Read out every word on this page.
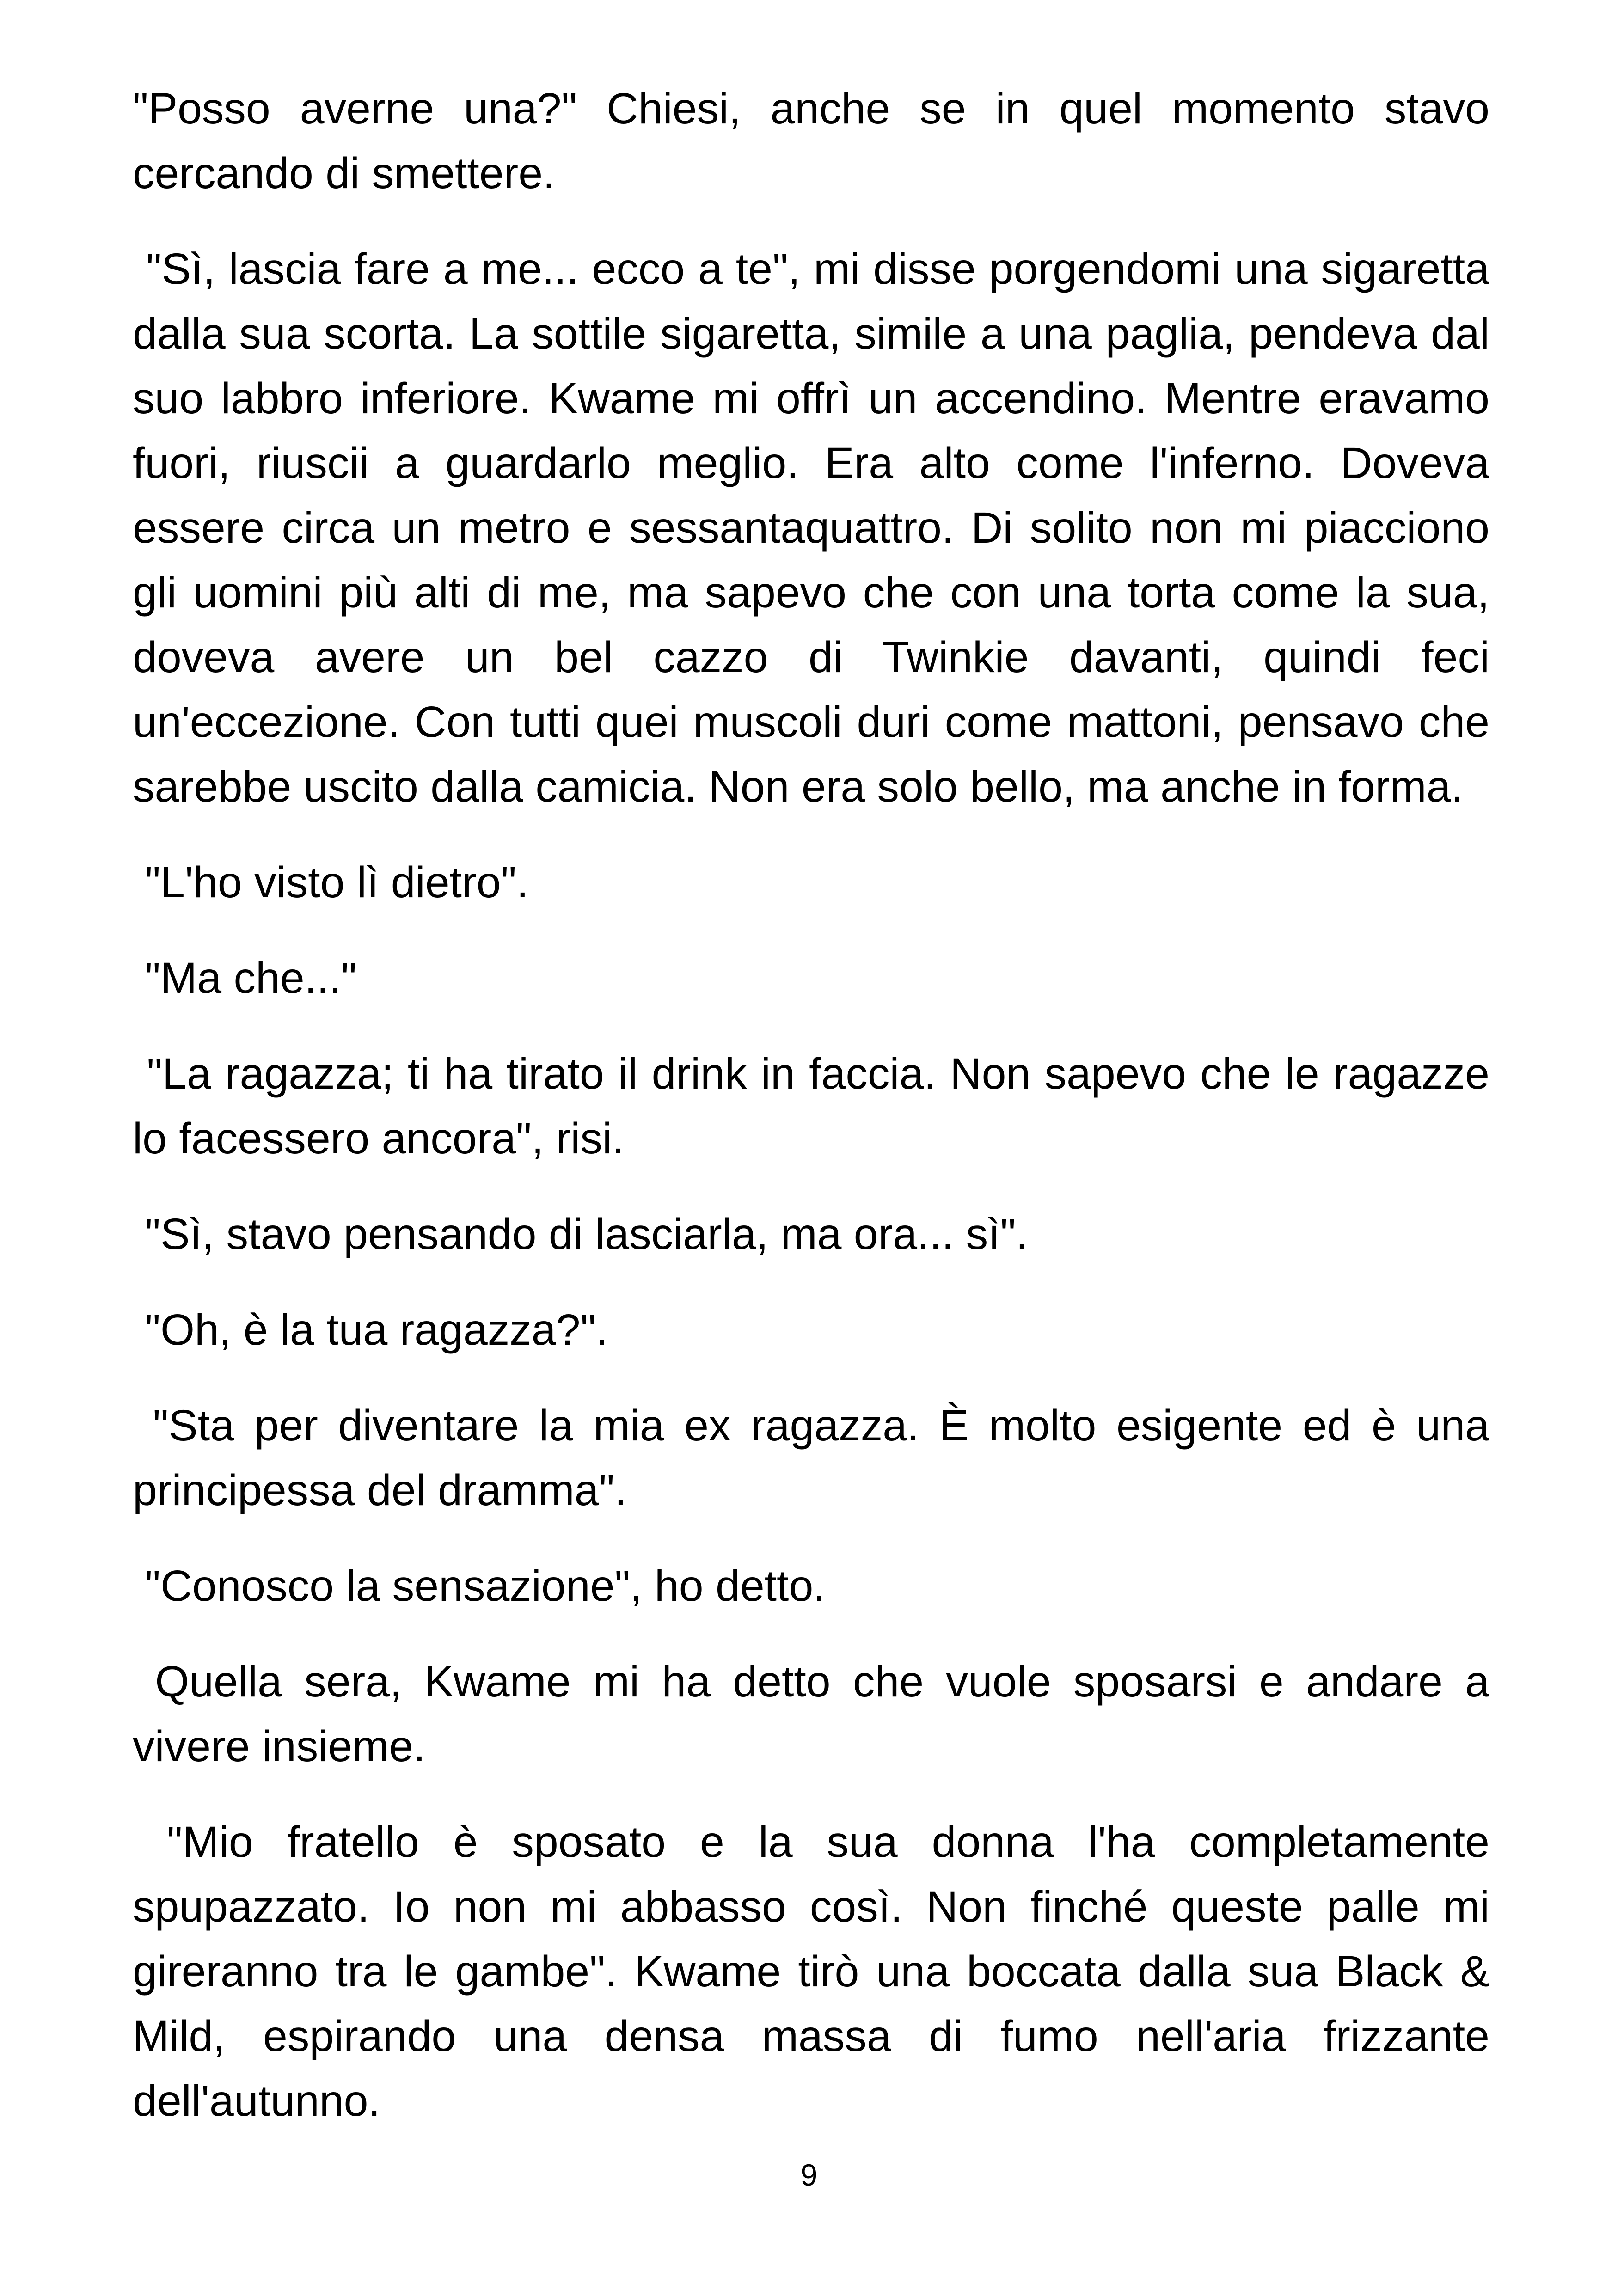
"Posso averne una?" Chiesi, anche se in quel momento stavo cercando di smettere.

"Sì, lascia fare a me... ecco a te", mi disse porgendomi una sigaretta dalla sua scorta. La sottile sigaretta, simile a una paglia, pendeva dal suo labbro inferiore. Kwame mi offrì un accendino. Mentre eravamo fuori, riuscii a guardarlo meglio. Era alto come l'inferno. Doveva essere circa un metro e sessantaquattro. Di solito non mi piacciono gli uomini più alti di me, ma sapevo che con una torta come la sua, doveva avere un bel cazzo di Twinkie davanti, quindi feci un'eccezione. Con tutti quei muscoli duri come mattoni, pensavo che sarebbe uscito dalla camicia. Non era solo bello, ma anche in forma.

"L'ho visto lì dietro".

"Ma che..."

"La ragazza; ti ha tirato il drink in faccia. Non sapevo che le ragazze lo facessero ancora", risi.

"Sì, stavo pensando di lasciarla, ma ora... sì".

"Oh, è la tua ragazza?".

"Sta per diventare la mia ex ragazza. È molto esigente ed è una principessa del dramma".

"Conosco la sensazione", ho detto.

Quella sera, Kwame mi ha detto che vuole sposarsi e andare a vivere insieme.

"Mio fratello è sposato e la sua donna l'ha completamente spupazzato. Io non mi abbasso così. Non finché queste palle mi gireranno tra le gambe". Kwame tirò una boccata dalla sua Black & Mild, espirando una densa massa di fumo nell'aria frizzante dell'autunno.

9
